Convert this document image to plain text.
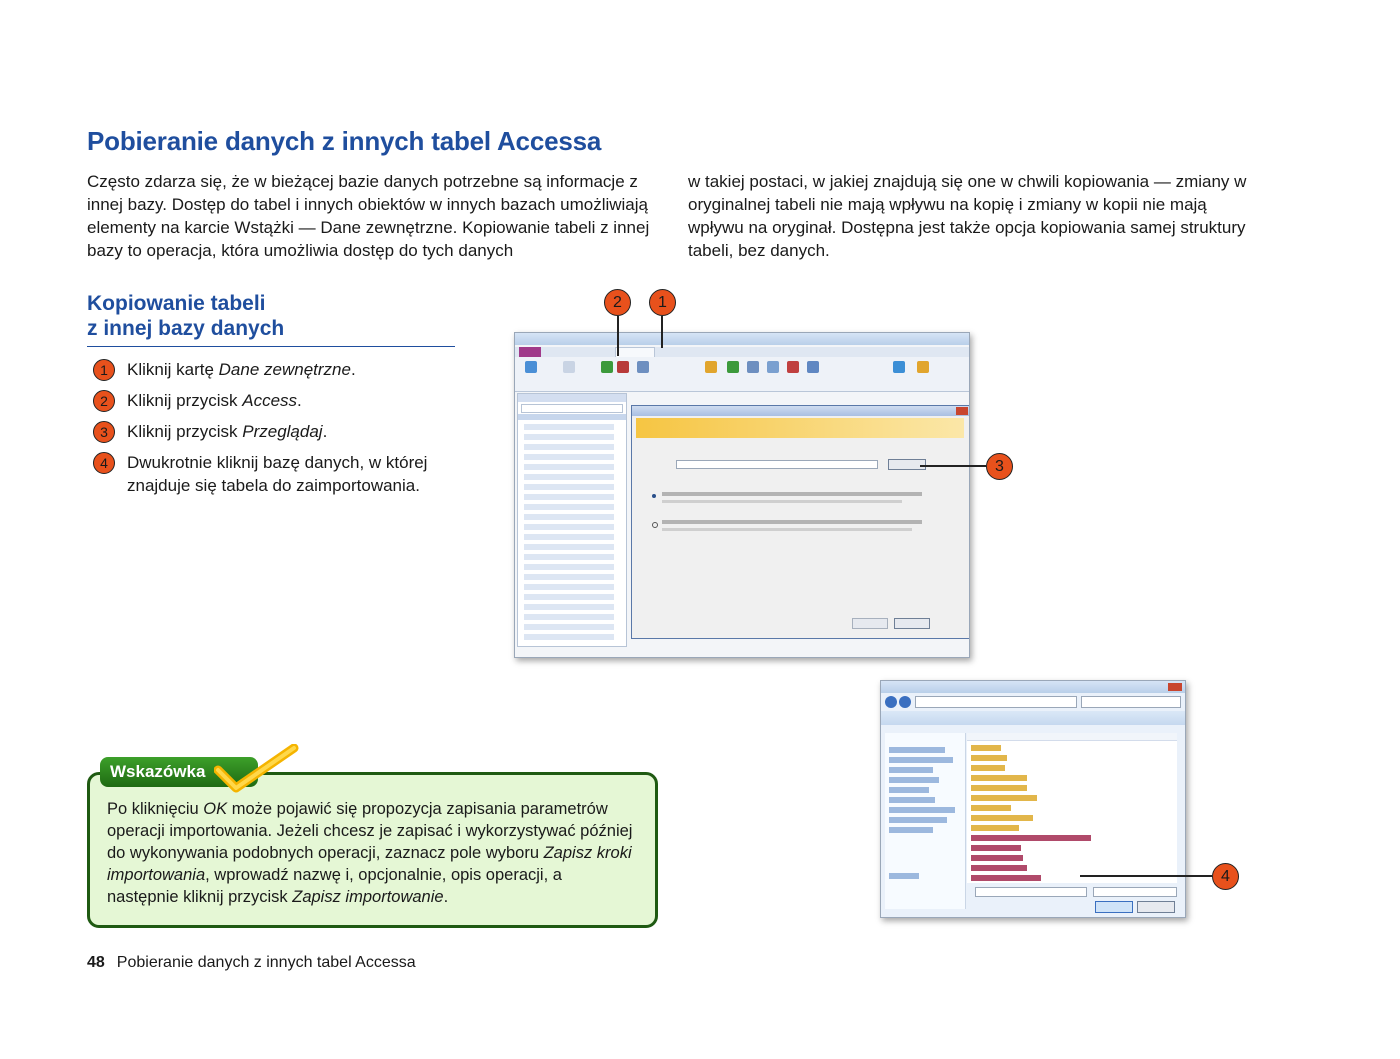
Pobieranie danych z innych tabel Accessa

Często zdarza się, że w bieżącej bazie danych potrzebne są informacje z innej bazy. Dostęp do tabel i innych obiektów w innych bazach umożliwiają elementy na karcie Wstążki — Dane zewnętrzne. Kopiowanie tabeli z innej bazy to operacja, która umożliwia dostęp do tych danych

w takiej postaci, w jakiej znajdują się one w chwili kopiowania — zmiany w oryginalnej tabeli nie mają wpływu na kopię i zmiany w kopii nie mają wpływu na oryginał. Dostępna jest także opcja kopiowania samej struktury tabeli, bez danych.

Kopiowanie tabeli
z innej bazy danych
1	Kliknij kartę Dane zewnętrzne.
2	Kliknij przycisk Access.
3	Kliknij przycisk Przeglądaj.
4	Dwukrotnie kliknij bazę danych, w której znajduje się tabela do zaimportowania.
2	1
3
4
Wskazówka

Po kliknięciu OK może pojawić się propozycja zapisania parametrów operacji importowania. Jeżeli chcesz je zapisać i wykorzystywać później do wykonywania podobnych operacji, zaznacz pole wyboru Zapisz kroki importowania, wprowadź nazwę i, opcjonalnie, opis operacji, a następnie kliknij przycisk Zapisz importowanie.

48 Pobieranie danych z innych tabel Accessa
